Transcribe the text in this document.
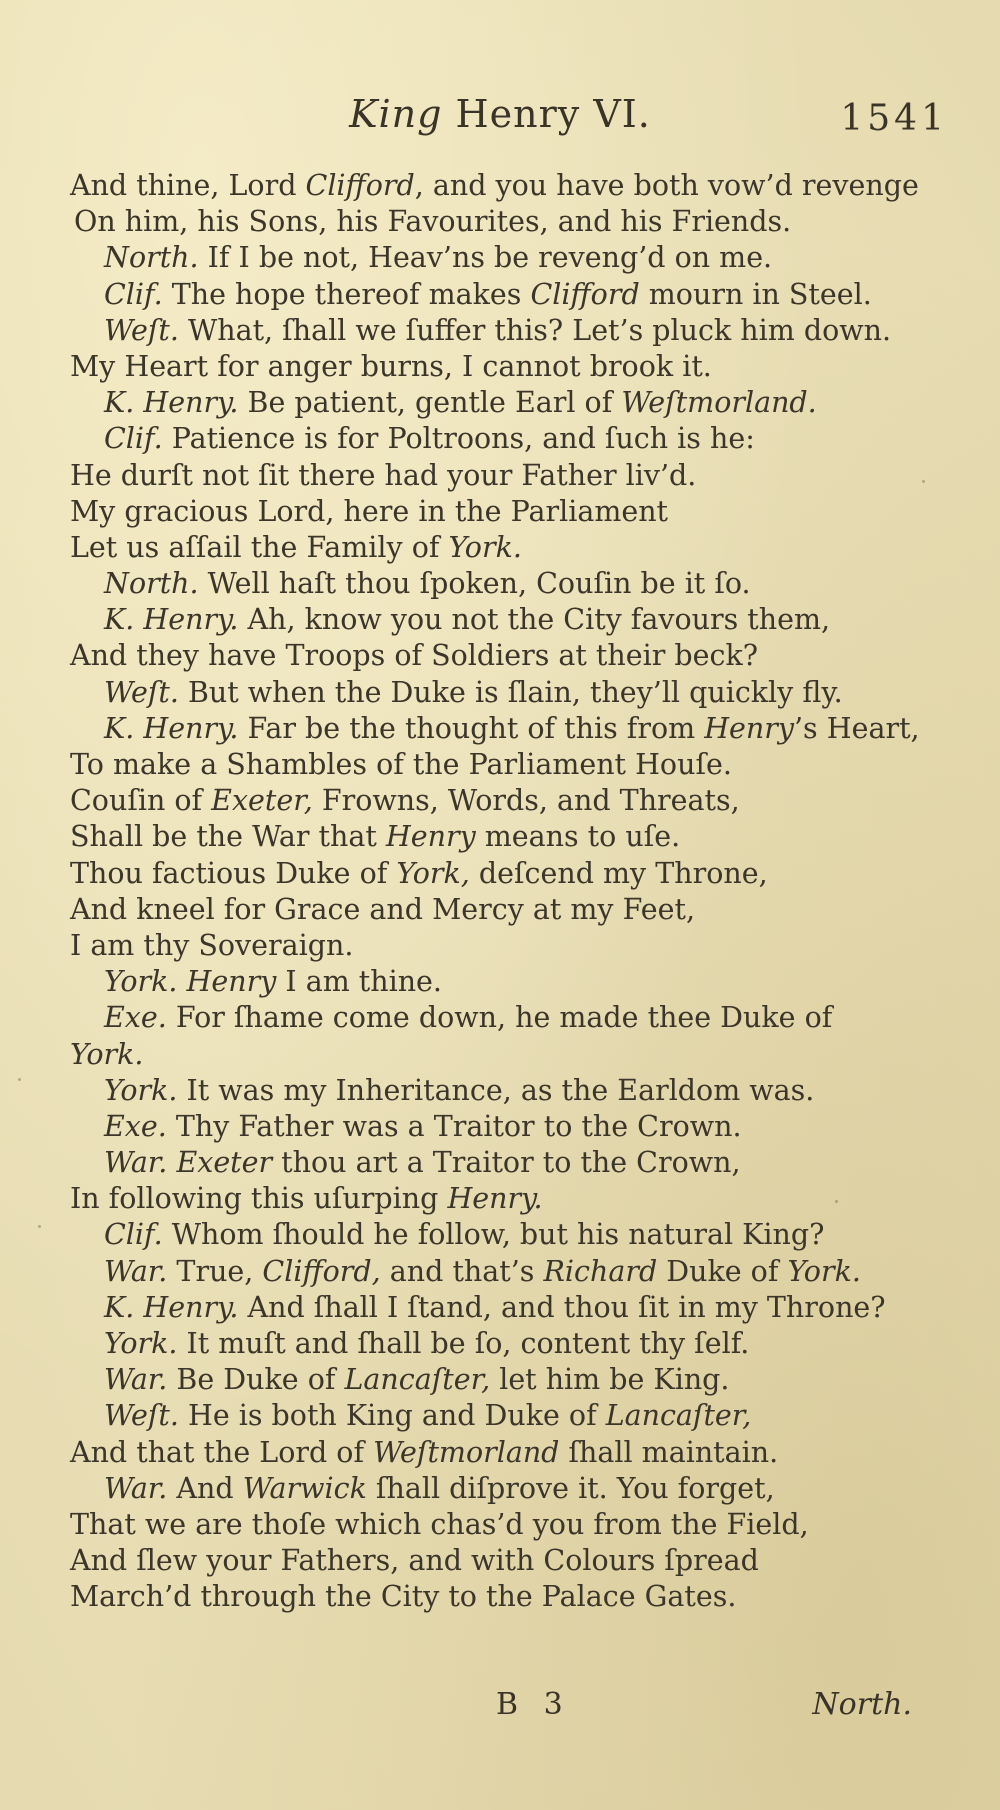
King Henry VI.	1541
And thine, Lord Clifford, and you have both vow’d revenge
On him, his Sons, his Favourites, and his Friends.
North. If I be not, Heav’ns be reveng’d on me.
Clif. The hope thereof makes Clifford mourn in Steel.
Weſt. What, ſhall we ſuffer this? Let’s pluck him down.
My Heart for anger burns, I cannot brook it.
K. Henry. Be patient, gentle Earl of Weſtmorland.
Clif. Patience is for Poltroons, and ſuch is he:
He durſt not ſit there had your Father liv’d.
My gracious Lord, here in the Parliament
Let us aſſail the Family of York.
North. Well haſt thou ſpoken, Couſin be it ſo.
K. Henry. Ah, know you not the City favours them,
And they have Troops of Soldiers at their beck?
Weſt. But when the Duke is ſlain, they’ll quickly fly.
K. Henry. Far be the thought of this from Henry’s Heart,
To make a Shambles of the Parliament Houſe.
Couſin of Exeter, Frowns, Words, and Threats,
Shall be the War that Henry means to uſe.
Thou factious Duke of York, deſcend my Throne,
And kneel for Grace and Mercy at my Feet,
I am thy Soveraign.
York. Henry I am thine.
Exe. For ſhame come down, he made thee Duke of
York.
York. It was my Inheritance, as the Earldom was.
Exe. Thy Father was a Traitor to the Crown.
War. Exeter thou art a Traitor to the Crown,
In following this uſurping Henry.
Clif. Whom ſhould he follow, but his natural King?
War. True, Clifford, and that’s Richard Duke of York.
K. Henry. And ſhall I ſtand, and thou ſit in my Throne?
York. It muſt and ſhall be ſo, content thy ſelf.
War. Be Duke of Lancaſter, let him be King.
Weſt. He is both King and Duke of Lancaſter,
And that the Lord of Weſtmorland ſhall maintain.
War. And Warwick ſhall diſprove it. You forget,
That we are thoſe which chas’d you from the Field,
And ſlew your Fathers, and with Colours ſpread
March’d through the City to the Palace Gates.
B 3	North.
